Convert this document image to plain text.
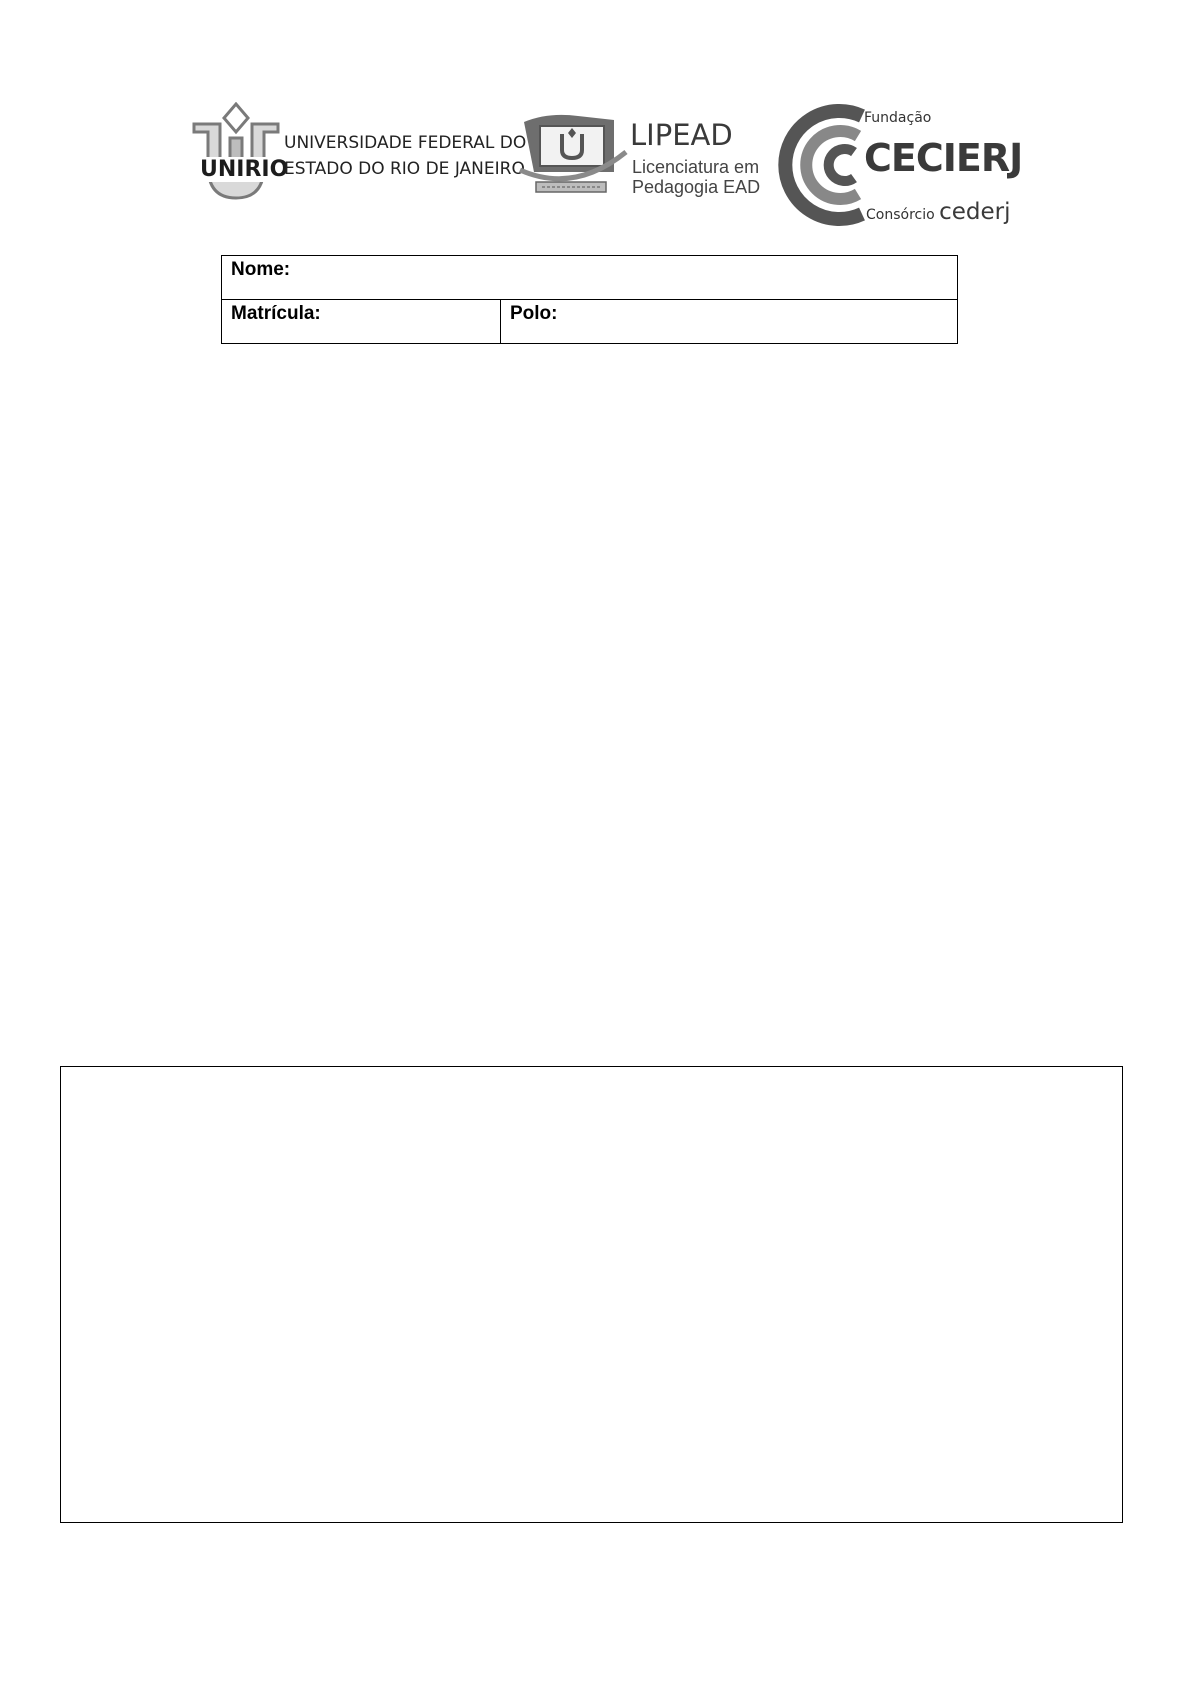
UNIRIO
UNIVERSIDADE FEDERAL DO
ESTADO DO RIO DE JANEIRO
LIPEAD
Licenciatura em
Pedagogia EAD
Fundação
CECIERJ
Consórcio cederj
Nome:
Matrícula:	Polo:
